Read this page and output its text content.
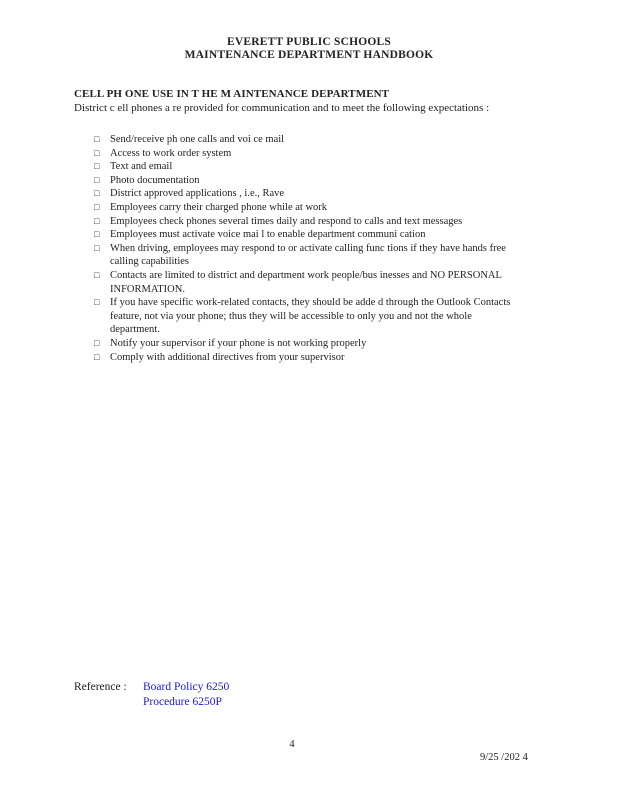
EVERETT PUBLIC SCHOOLS
MAINTENANCE DEPARTMENT HANDBOOK
CELL PH ONE USE IN T HE M AINTENANCE DEPARTMENT
District c ell phones a re provided for communication and to meet the following expectations :
□ Send/receive ph one calls and voi ce mail
□ Access to work order system
□ Text and email
□ Photo documentation
□ District approved applications , i.e., Rave
□ Employees carry their charged phone while at work
□ Employees check phones several times daily and respond to calls and text messages
□ Employees must activate voice mai l to enable department communi cation
□ When driving, employees may respond to or activate calling func tions if they have hands free calling capabilities
□ Contacts are limited to district and department work people/bus inesses and NO PERSONAL INFORMATION.
□ If you have specific work-related contacts, they should be adde d through the Outlook Contacts feature, not via your phone; thus they will be accessible to only you and not the whole department.
□ Notify your supervisor if your phone is not working properly
□ Comply with additional directives from your supervisor
Reference : Board Policy 6250
Procedure 6250P
4
9/25 /202 4
